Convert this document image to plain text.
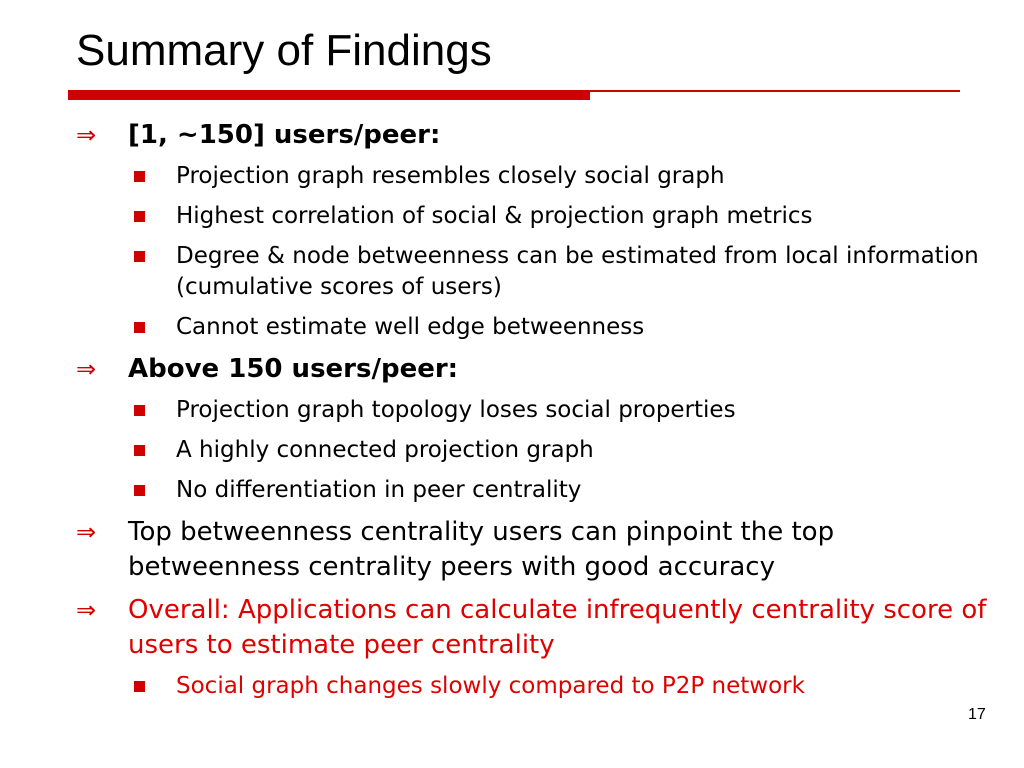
Summary of Findings
⇒	[1, ~150] users/peer:
Projection graph resembles closely social graph
Highest correlation of social & projection graph metrics
Degree & node betweenness can be estimated from local information (cumulative scores of users)
Cannot estimate well edge betweenness
⇒	Above 150 users/peer:
Projection graph topology loses social properties
A highly connected projection graph
No differentiation in peer centrality
⇒	Top betweenness centrality users can pinpoint the top betweenness centrality peers with good accuracy
⇒	Overall: Applications can calculate infrequently centrality score of users to estimate peer centrality
Social graph changes slowly compared to P2P network
17
